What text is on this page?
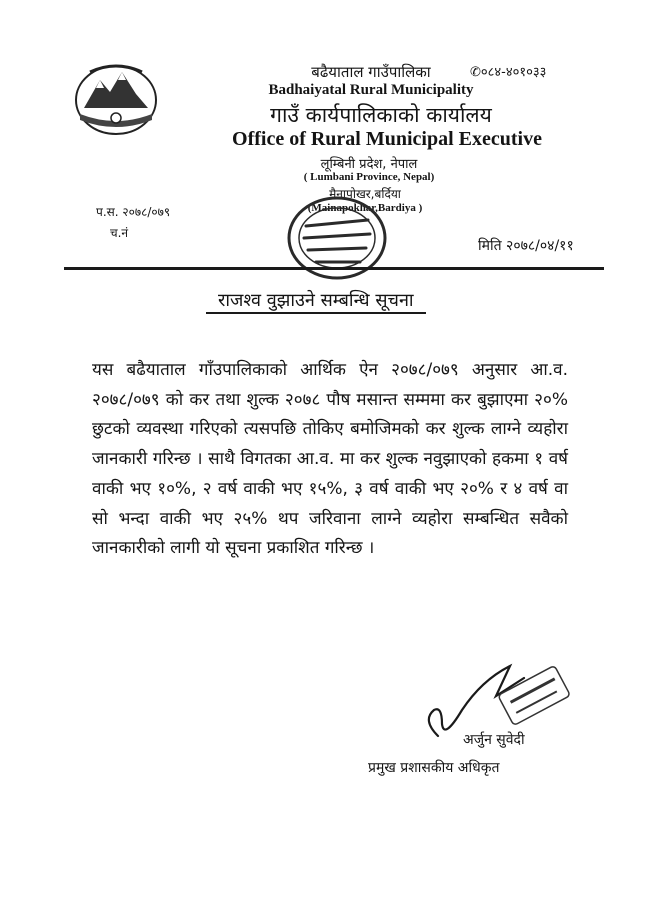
बढैयाताल गाउँपालिका
Badhaiyatal Rural Municipality
गाउँ कार्यपालिकाको कार्यालय
Office of Rural Municipal Executive
लूम्बिनी प्रदेश, नेपाल
( Lumbani Province, Nepal)
मैनापोखर,बर्दिया
(Mainapokhar,Bardiya )
✆०८४-४०१०३३
प.स. २०७८/०७९
च.नं
मिति २०७८/०४/११
राजश्व वुझाउने सम्बन्धि सूचना
यस बढैयाताल गाँउपालिकाको आर्थिक ऐन २०७८/०७९ अनुसार आ.व. २०७८/०७९ को कर तथा शुल्क २०७८ पौष मसान्त सम्ममा कर बुझाएमा २०% छुटको व्यवस्था गरिएको त्यसपछि तोकिए बमोजिमको कर शुल्क लाग्ने व्यहोरा जानकारी गरिन्छ । साथै विगतका आ.व. मा कर शुल्क नवुझाएको हकमा १ वर्ष वाकी भए १०%, २ वर्ष वाकी भए १५%, ३ वर्ष वाकी भए २०% र ४ वर्ष वा सो भन्दा वाकी भए २५% थप जरिवाना लाग्ने व्यहोरा सम्बन्धित सवैको जानकारीको लागी यो सूचना प्रकाशित गरिन्छ ।
अर्जुन सुवेदी
प्रमुख प्रशासकीय अधिकृत
